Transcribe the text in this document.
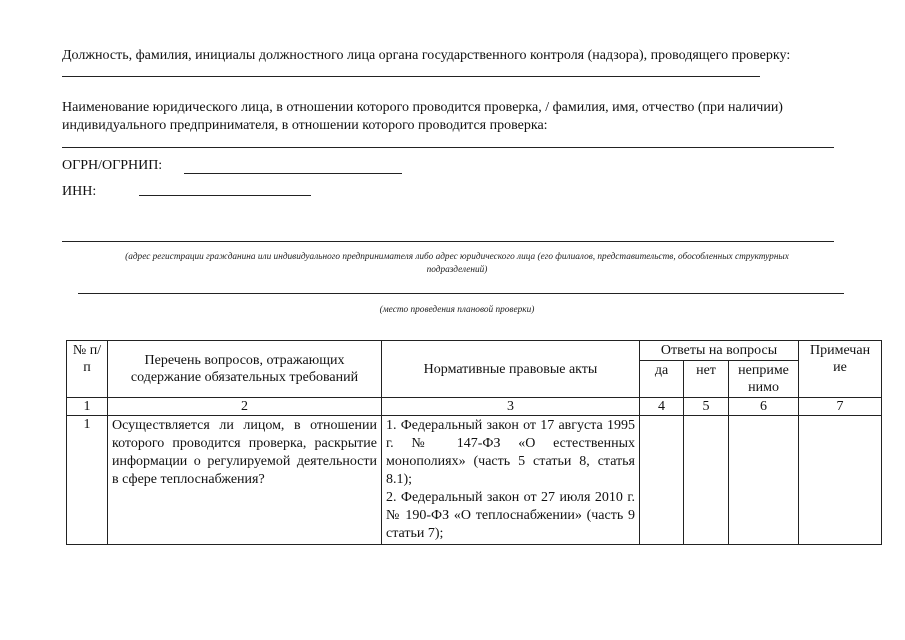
Должность, фамилия, инициалы должностного лица органа государственного контроля (надзора), проводящего проверку:
Наименование юридического лица, в отношении которого проводится проверка, / фамилия, имя, отчество (при наличии)
индивидуального предпринимателя, в отношении которого проводится проверка:
ОГРН/ОГРНИП:
ИНН:
(адрес регистрации гражданина или индивидуального предпринимателя либо адрес юридического лица (его филиалов, представительств, обособленных структурных
подразделений)
(место проведения плановой проверки)
№ п/п	Перечень вопросов, отражающих содержание обязательных требований	Нормативные правовые акты	Ответы на вопросы			Примечан ие
			да	нет	неприме нимо	
1	2	3	4	5	6	7
1	Осуществляется ли лицом, в отношении которого проводится проверка, раскрытие информации о регулируемой деятельности в сфере теплоснабжения?	1. Федеральный закон от 17 августа 1995 г. № 147-ФЗ «О естественных монополиях» (часть 5 статьи 8, статья 8.1);
2. Федеральный закон от 27 июля 2010 г. № 190-ФЗ «О теплоснабжении» (часть 9 статьи 7);				
